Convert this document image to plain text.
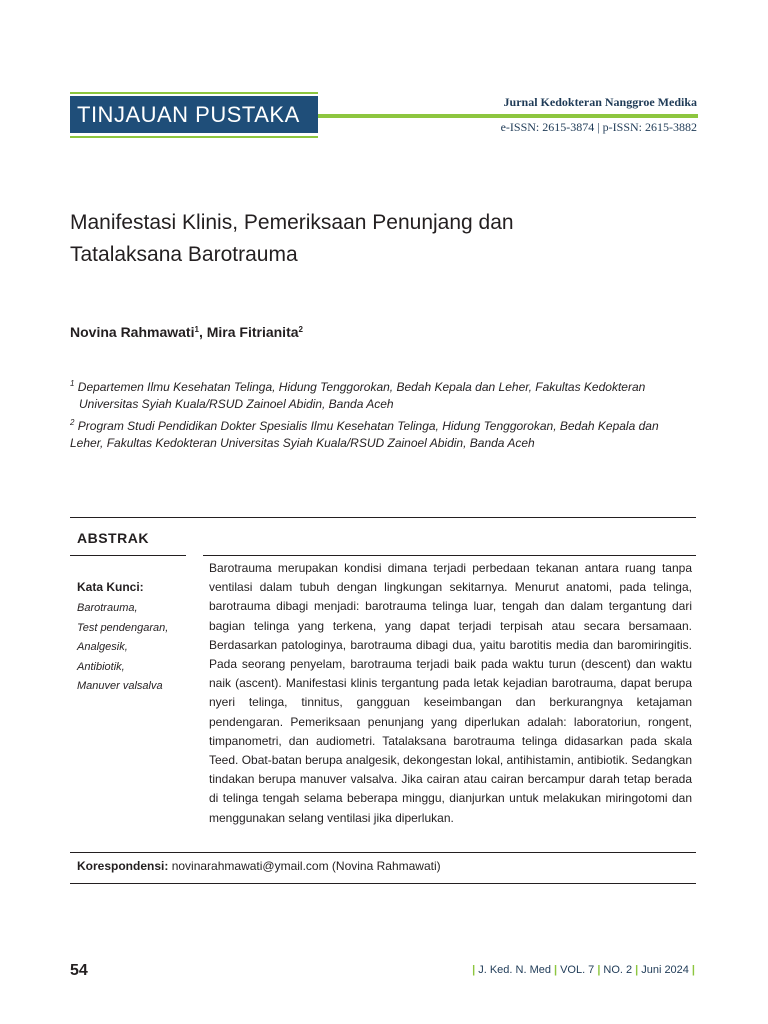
TINJAUAN PUSTAKA	Jurnal Kedokteran Nanggroe Medika
e-ISSN: 2615-3874 | p-ISSN: 2615-3882
Manifestasi Klinis, Pemeriksaan Penunjang dan
Tatalaksana Barotrauma
Novina Rahmawati$^1$, Mira Fitrianita$^2$
$^1$ Departemen Ilmu Kesehatan Telinga, Hidung Tenggorokan, Bedah Kepala dan Leher, Fakultas Kedokteran
Universitas Syiah Kuala/RSUD Zainoel Abidin, Banda Aceh
$^2$ Program Studi Pendidikan Dokter Spesialis Ilmu Kesehatan Telinga, Hidung Tenggorokan, Bedah Kepala dan
Leher, Fakultas Kedokteran Universitas Syiah Kuala/RSUD Zainoel Abidin, Banda Aceh
ABSTRAK
Kata Kunci:
Barotrauma,
Test pendengaran,
Analgesik,
Antibiotik,
Manuver valsalva
Barotrauma merupakan kondisi dimana terjadi perbedaan tekanan antara ruang tanpa ventilasi dalam tubuh dengan lingkungan sekitarnya. Menurut anatomi, pada telinga, barotrauma dibagi menjadi: barotrauma telinga luar, tengah dan dalam tergantung dari bagian telinga yang terkena, yang dapat terjadi terpisah atau secara bersamaan. Berdasarkan patologinya, barotrauma dibagi dua, yaitu barotitis media dan baromiringitis. Pada seorang penyelam, barotrauma terjadi baik pada waktu turun (descent) dan waktu naik (ascent). Manifestasi klinis tergantung pada letak kejadian barotrauma, dapat berupa nyeri telinga, tinnitus, gangguan keseimbangan dan berkurangnya ketajaman pendengaran. Pemeriksaan penunjang yang diperlukan adalah: laboratoriun, rongent, timpanometri, dan audiometri. Tatalaksana barotrauma telinga didasarkan pada skala Teed. Obat-batan berupa analgesik, dekongestan lokal, antihistamin, antibiotik. Sedangkan tindakan berupa manuver valsalva. Jika cairan atau cairan bercampur darah tetap berada di telinga tengah selama beberapa minggu, dianjurkan untuk melakukan miringotomi dan menggunakan selang ventilasi jika diperlukan.
Korespondensi: novinarahmawati@ymail.com (Novina Rahmawati)
54	| J. Ked. N. Med | VOL. 7 | NO. 2 | Juni 2024 |
